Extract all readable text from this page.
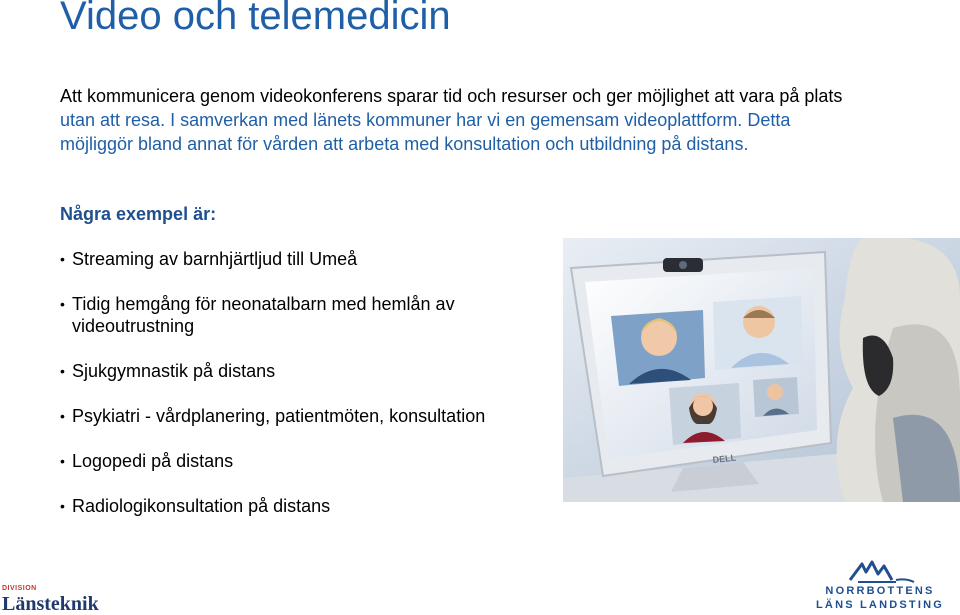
Video och telemedicin
Att kommunicera genom videokonferens sparar tid och resurser och ger möjlighet att vara på plats
utan att resa. I samverkan med länets kommuner har vi en gemensam videoplattform. Detta
möjliggör bland annat för vården att arbeta med konsultation och utbildning på distans.
Några exempel är:
• Streaming av barnhjärtljud till Umeå
• Tidig hemgång för neonatalbarn med hemlån av videoutrustning
• Sjukgymnastik på distans
• Psykiatri - vårdplanering, patientmöten, konsultation
• Logopedi på distans
• Radiologikonsultation på distans
DELL
DIVISION
Länsteknik
NORRBOTTENS
LÄNS LANDSTING
